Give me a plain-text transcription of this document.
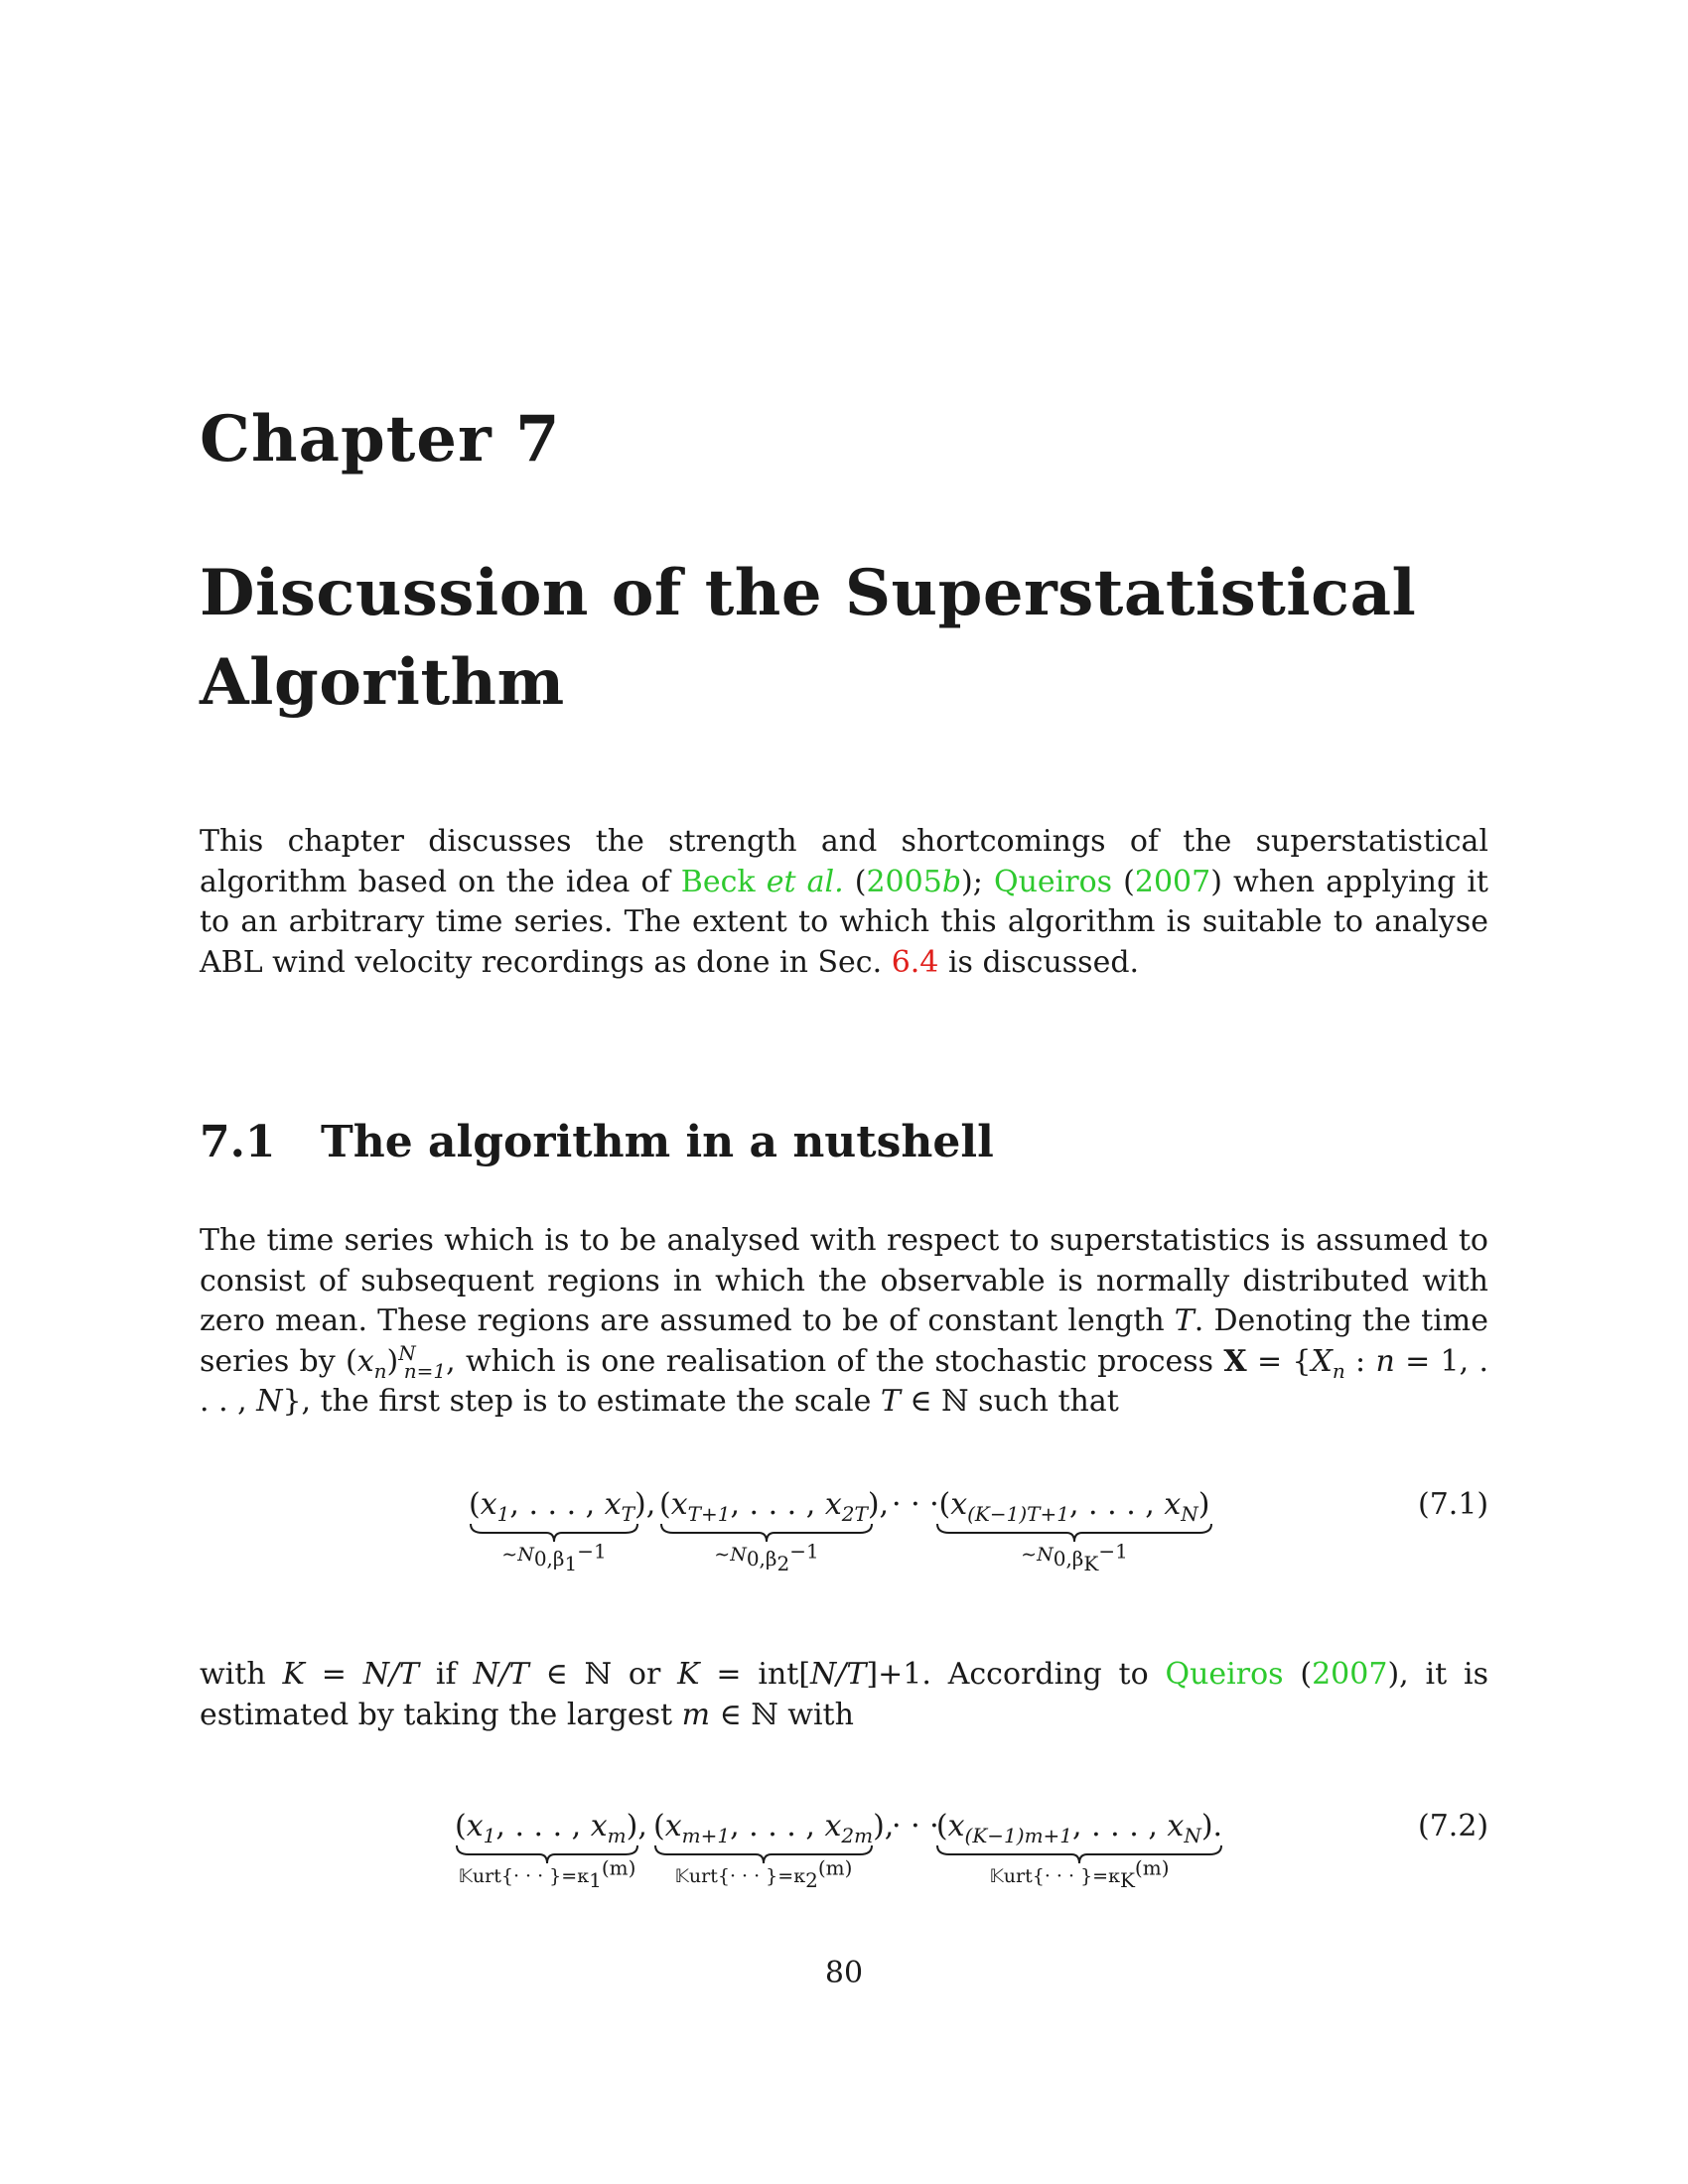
Chapter 7
Discussion of the Superstatistical Algorithm
This chapter discusses the strength and shortcomings of the superstatistical algorithm based on the idea of Beck et al. (2005b); Queiros (2007) when applying it to an arbitrary time series. The extent to which this algorithm is suitable to analyse ABL wind velocity recordings as done in Sec. 6.4 is discussed.
7.1 The algorithm in a nutshell
The time series which is to be analysed with respect to superstatistics is assumed to consist of subsequent regions in which the observable is normally distributed with zero mean. These regions are assumed to be of constant length T. Denoting the time series by $(x_n)^N_{n=1}$, which is one realisation of the stochastic process $X = \{X_n$ : n = 1, . . . , N}, the first step is to estimate the scale T ∈ ℕ such that
($x_1$, . . . , $x_T$),
$\sim N_{0,\beta_1^{-1}}$
($x_{T+1}$, . . . , $x_{2T}$),
$\sim N_{0,\beta_2^{-1}}$
· · · ($x_{(K-1)T+1}$, . . . , $x_N$)
$\sim N_{0,\beta_K^{-1}}$
(7.1)
with K = N/T if N/T ∈ ℕ or K = int[N/T]+1. According to Queiros (2007), it is estimated by taking the largest m ∈ ℕ with
($x_1$, . . . , $x_m$),
𝕂urt{· · · }$=\kappa_1^{(m)}$
($x_{m+1}$, . . . , $x_{2m}$),
𝕂urt{· · · }$=\kappa_2^{(m)}$
· · ·
($x_{(K-1)m+1}$, . . . , $x_N$).
𝕂urt{· · · }$=\kappa_K^{(m)}$
(7.2)
80
